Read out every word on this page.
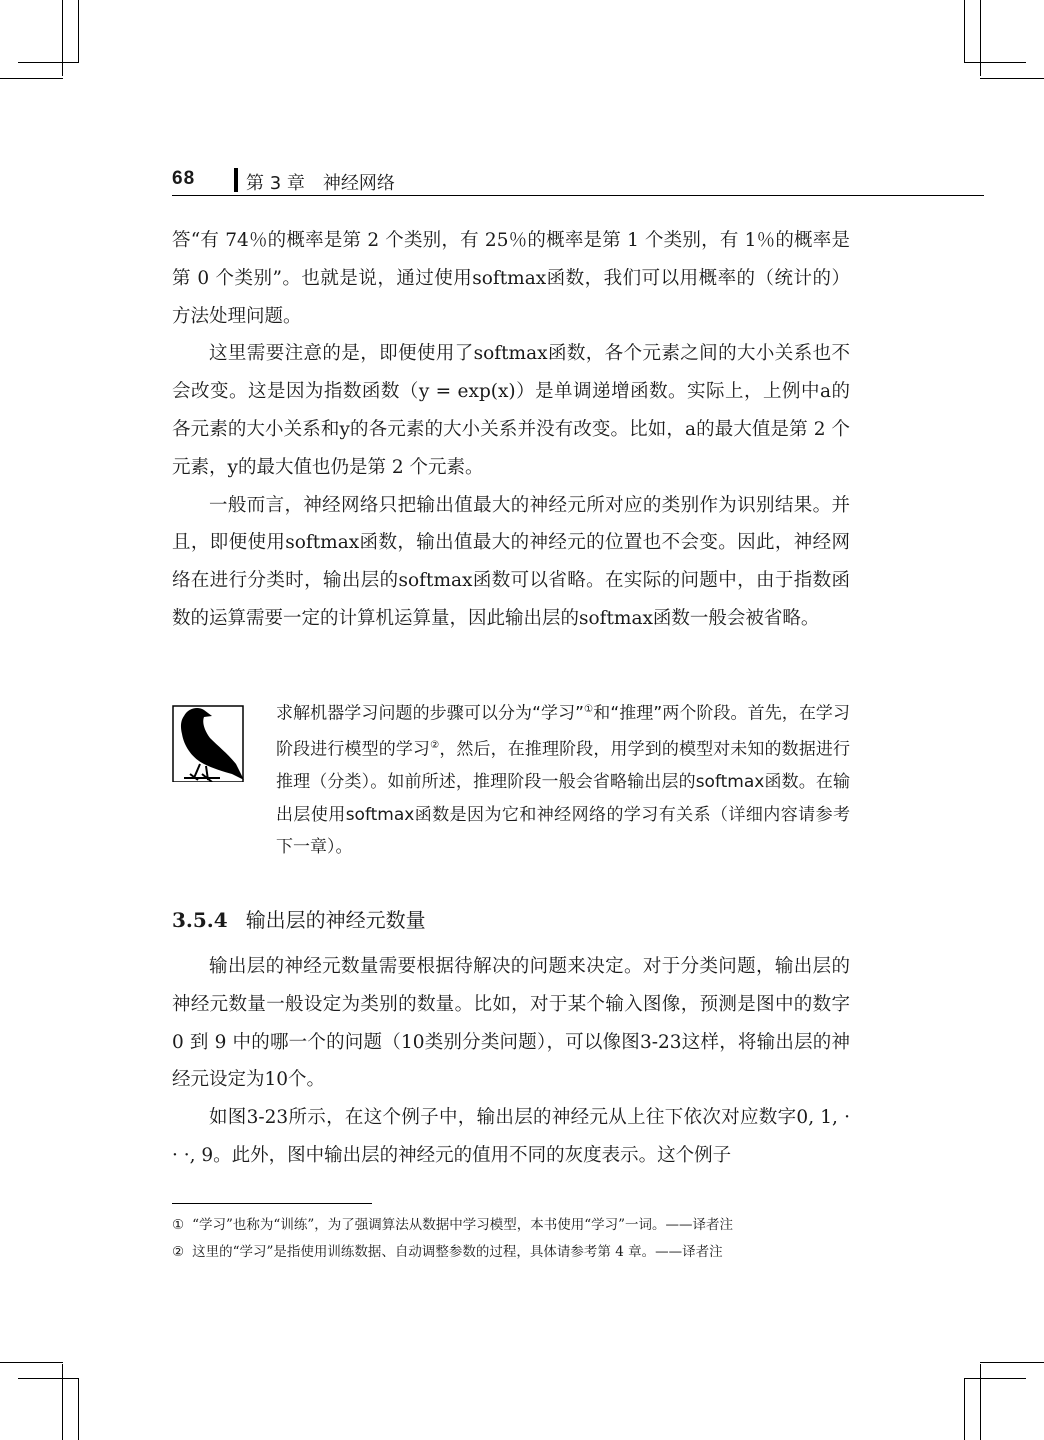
68	第 3 章　神经网络

答“有 74％的概率是第 2 个类别，有 25％的概率是第 1 个类别，有 1％的概率是第 0 个类别”。也就是说，通过使用softmax函数，我们可以用概率的（统计的）方法处理问题。

这里需要注意的是，即便使用了softmax函数，各个元素之间的大小关系也不会改变。这是因为指数函数（y = exp(x)）是单调递增函数。实际上，上例中a的各元素的大小关系和y的各元素的大小关系并没有改变。比如，a的最大值是第 2 个元素，y的最大值也仍是第 2 个元素。

一般而言，神经网络只把输出值最大的神经元所对应的类别作为识别结果。并且，即便使用softmax函数，输出值最大的神经元的位置也不会变。因此，神经网络在进行分类时，输出层的softmax函数可以省略。在实际的问题中，由于指数函数的运算需要一定的计算机运算量，因此输出层的softmax函数一般会被省略。

求解机器学习问题的步骤可以分为“学习”①和“推理”两个阶段。首先，在学习阶段进行模型的学习②，然后，在推理阶段，用学到的模型对未知的数据进行推理（分类）。如前所述，推理阶段一般会省略输出层的softmax函数。在输出层使用softmax函数是因为它和神经网络的学习有关系（详细内容请参考下一章）。
3.5.4 输出层的神经元数量

输出层的神经元数量需要根据待解决的问题来决定。对于分类问题，输出层的神经元数量一般设定为类别的数量。比如，对于某个输入图像，预测是图中的数字 0 到 9 中的哪一个的问题（10类别分类问题），可以像图3-23这样，将输出层的神经元设定为10个。

如图3-23所示，在这个例子中，输出层的神经元从上往下依次对应数字0, 1, · · ·, 9。此外，图中输出层的神经元的值用不同的灰度表示。这个例子

① “学习”也称为“训练”，为了强调算法从数据中学习模型，本书使用“学习”一词。——译者注
② 这里的“学习”是指使用训练数据、自动调整参数的过程，具体请参考第 4 章。——译者注
